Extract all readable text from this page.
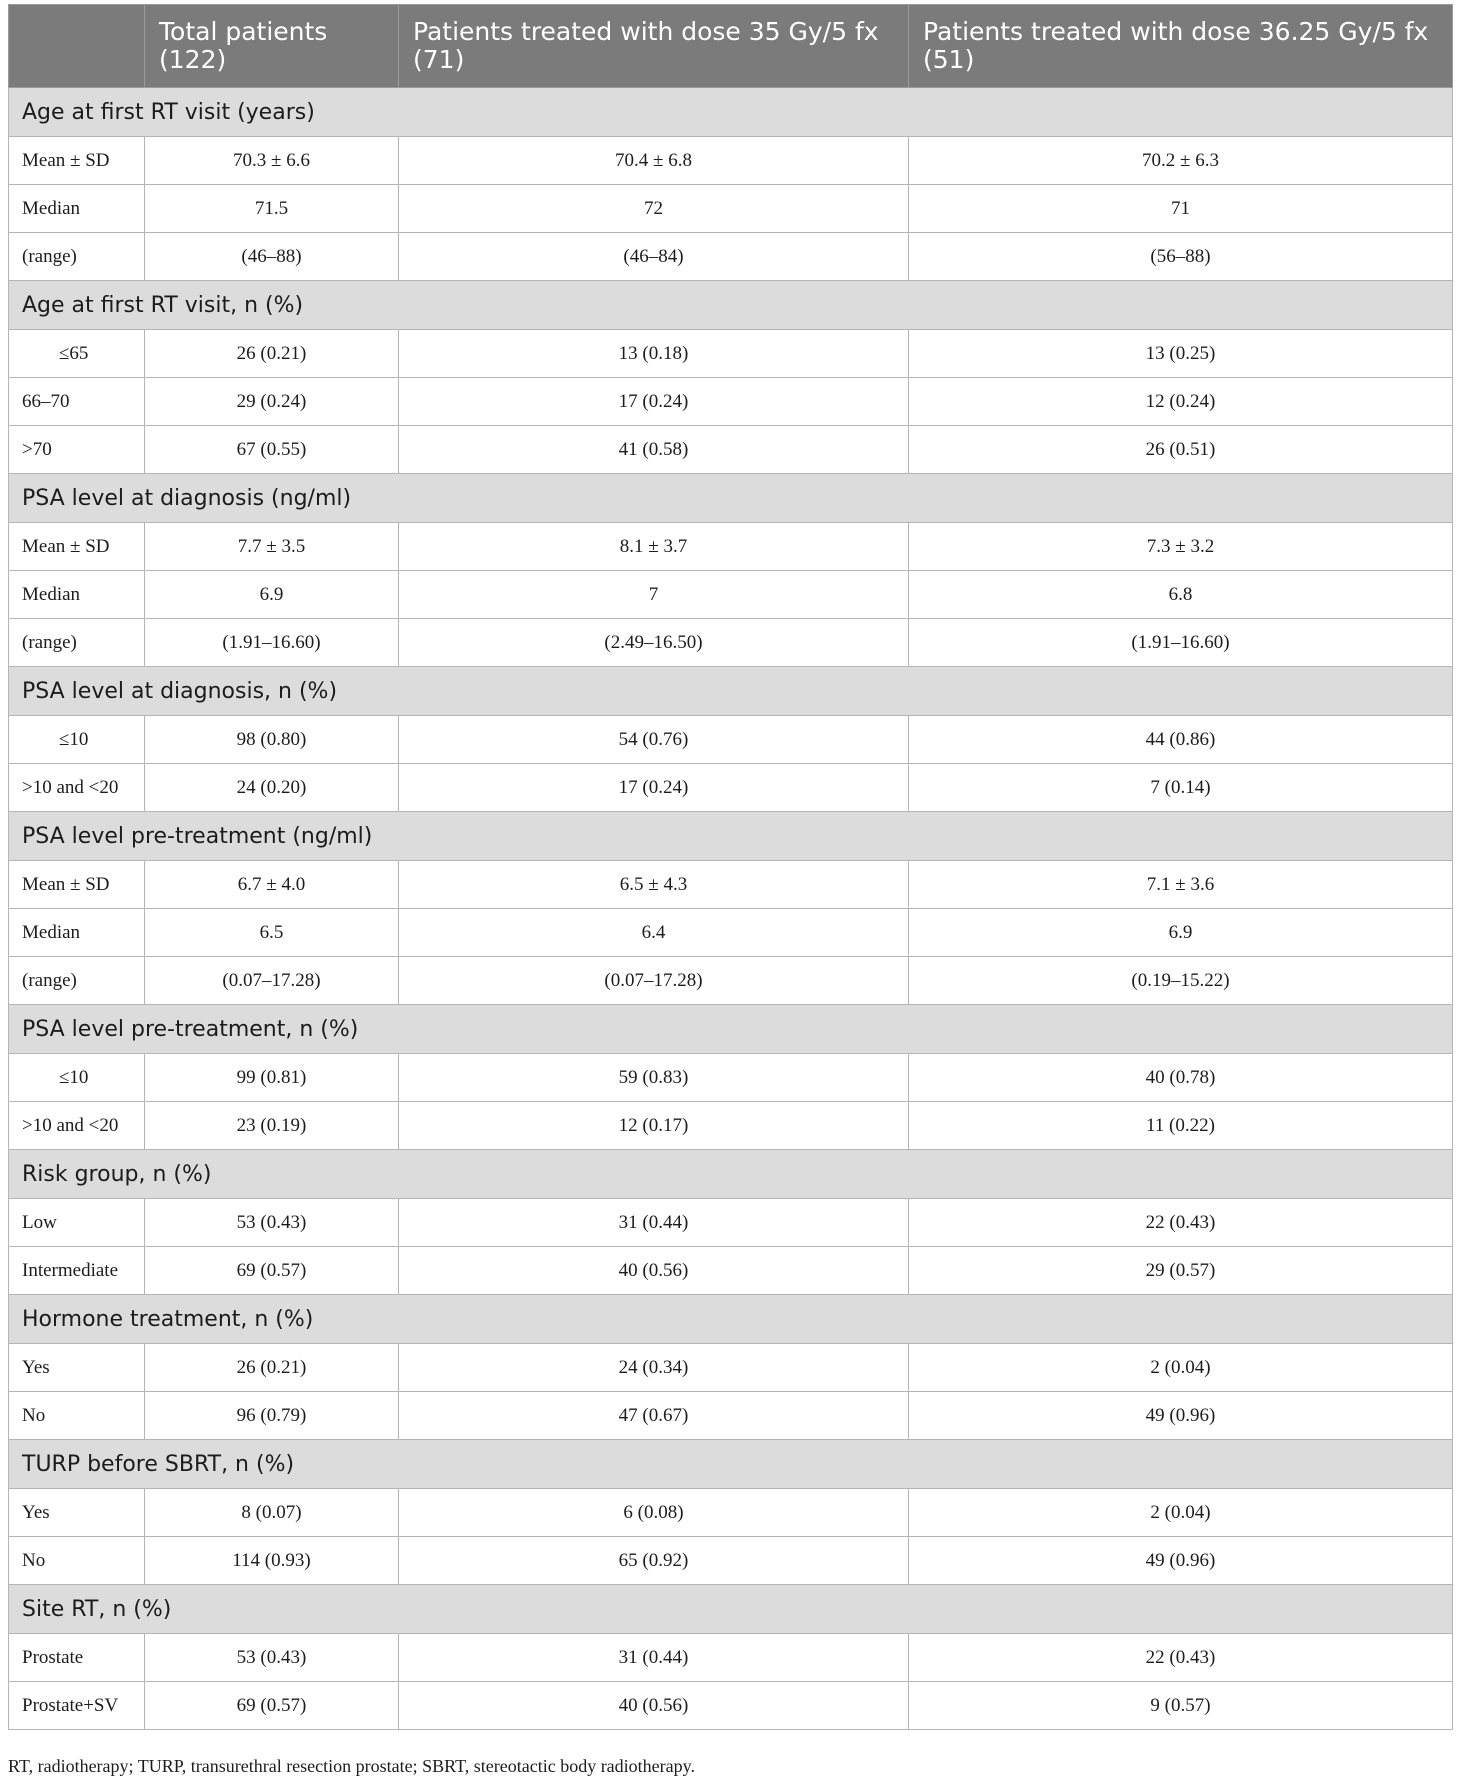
	Total patients (122)	Patients treated with dose 35 Gy/5 fx (71)	Patients treated with dose 36.25 Gy/5 fx (51)
Age at first RT visit (years)			
Mean ± SD	70.3 ± 6.6	70.4 ± 6.8	70.2 ± 6.3
Median	71.5	72	71
(range)	(46–88)	(46–84)	(56–88)
Age at first RT visit, n (%)			
≤65	26 (0.21)	13 (0.18)	13 (0.25)
66–70	29 (0.24)	17 (0.24)	12 (0.24)
>70	67 (0.55)	41 (0.58)	26 (0.51)
PSA level at diagnosis (ng/ml)			
Mean ± SD	7.7 ± 3.5	8.1 ± 3.7	7.3 ± 3.2
Median	6.9	7	6.8
(range)	(1.91–16.60)	(2.49–16.50)	(1.91–16.60)
PSA level at diagnosis, n (%)			
≤10	98 (0.80)	54 (0.76)	44 (0.86)
>10 and <20	24 (0.20)	17 (0.24)	7 (0.14)
PSA level pre-treatment (ng/ml)			
Mean ± SD	6.7 ± 4.0	6.5 ± 4.3	7.1 ± 3.6
Median	6.5	6.4	6.9
(range)	(0.07–17.28)	(0.07–17.28)	(0.19–15.22)
PSA level pre-treatment, n (%)			
≤10	99 (0.81)	59 (0.83)	40 (0.78)
>10 and <20	23 (0.19)	12 (0.17)	11 (0.22)
Risk group, n (%)			
Low	53 (0.43)	31 (0.44)	22 (0.43)
Intermediate	69 (0.57)	40 (0.56)	29 (0.57)
Hormone treatment, n (%)			
Yes	26 (0.21)	24 (0.34)	2 (0.04)
No	96 (0.79)	47 (0.67)	49 (0.96)
TURP before SBRT, n (%)			
Yes	8 (0.07)	6 (0.08)	2 (0.04)
No	114 (0.93)	65 (0.92)	49 (0.96)
Site RT, n (%)			
Prostate	53 (0.43)	31 (0.44)	22 (0.43)
Prostate+SV	69 (0.57)	40 (0.56)	9 (0.57)
RT, radiotherapy; TURP, transurethral resection prostate; SBRT, stereotactic body radiotherapy.
